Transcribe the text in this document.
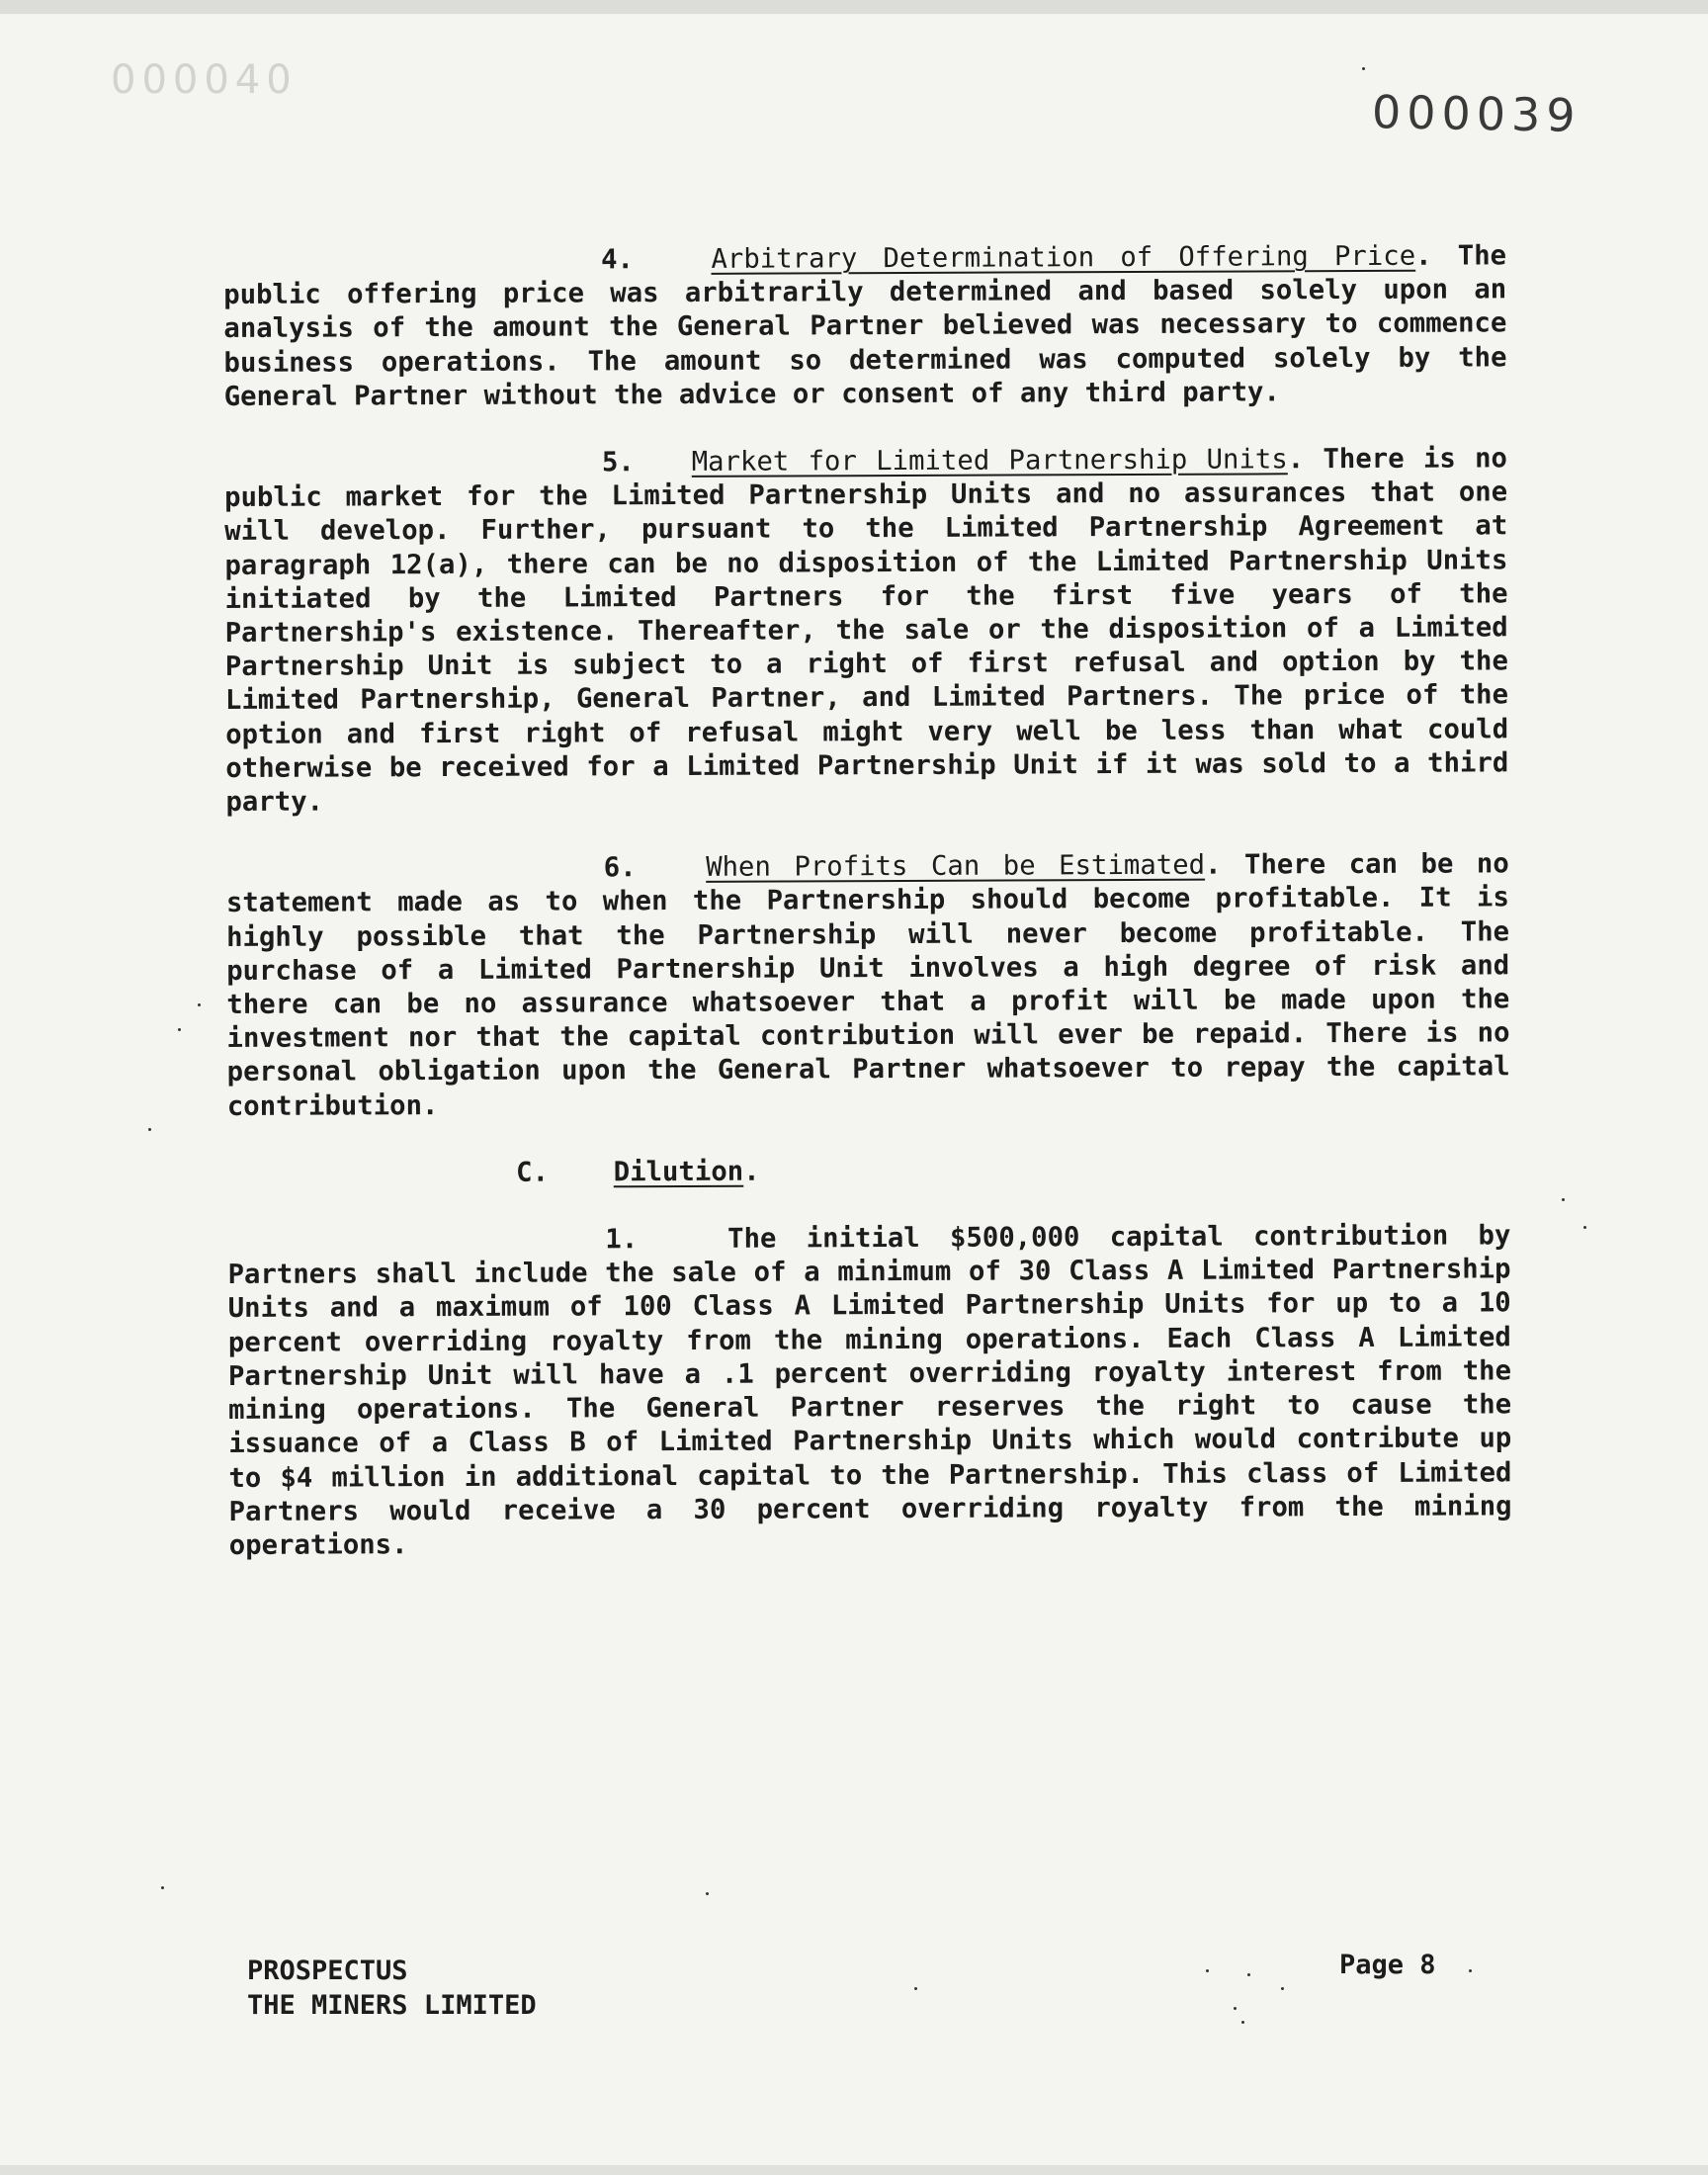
000040
000039

4.	Arbitrary Determination of Offering Price. The public offering price was arbitrarily determined and based solely upon an analysis of the amount the General Partner believed was necessary to commence business operations. The amount so determined was computed solely by the General Partner without the advice or consent of any third party.

5. Market for Limited Partnership Units. There is no public market for the Limited Partnership Units and no assurances that one will develop. Further, pursuant to the Limited Partnership Agreement at paragraph 12(a), there can be no disposition of the Limited Partnership Units initiated by the Limited Partners for the first five years of the Partnership's existence. Thereafter, the sale or the disposition of a Limited Partnership Unit is subject to a right of first refusal and option by the Limited Partnership, General Partner, and Limited Partners. The price of the option and first right of refusal might very well be less than what could otherwise be received for a Limited Partnership Unit if it was sold to a third party.

6.	When Profits Can be Estimated. There can be no statement made as to when the Partnership should become profitable. It is highly possible that the Partnership will never become profitable. The purchase of a Limited Partnership Unit involves a high degree of risk and there can be no assurance whatsoever that a profit will be made upon the investment nor that the capital contribution will ever be repaid. There is no personal obligation upon the General Partner whatsoever to repay the capital contribution.

C. Dilution.

1.	The initial $500,000 capital contribution by Partners shall include the sale of a minimum of 30 Class A Limited Partnership Units and a maximum of 100 Class A Limited Partnership Units for up to a 10 percent overriding royalty from the mining operations. Each Class A Limited Partnership Unit will have a .1 percent overriding royalty interest from the mining operations. The General Partner reserves the right to cause the issuance of a Class B of Limited Partnership Units which would contribute up to $4 million in additional capital to the Partnership. This class of Limited Partners would receive a 30 percent overriding royalty from the mining operations.

PROSPECTUS
THE MINERS LIMITED
Page 8
